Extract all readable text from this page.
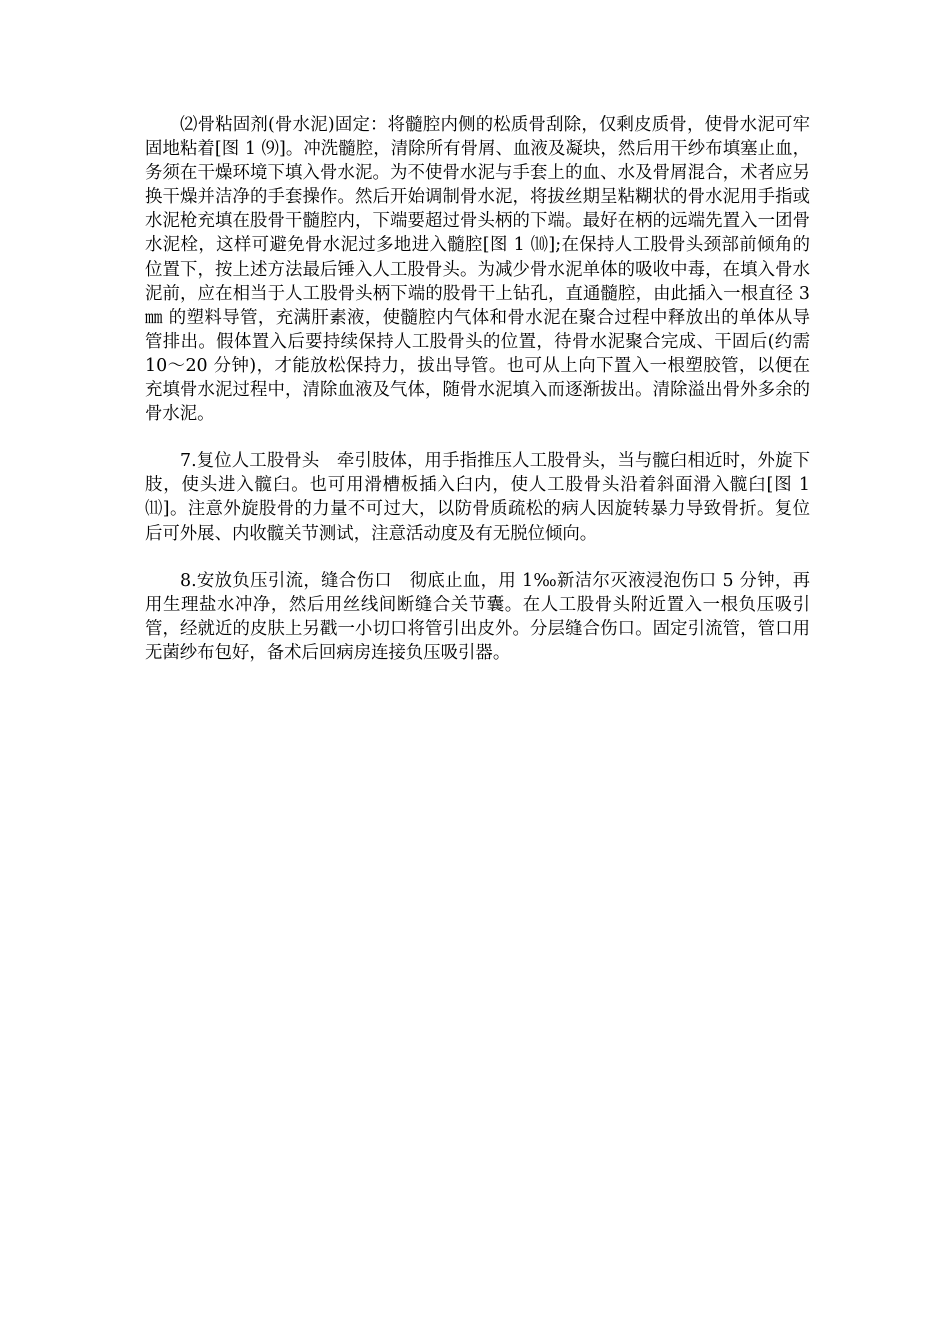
⑵骨粘固剂(骨水泥)固定：将髓腔内侧的松质骨刮除，仅剩皮质骨，使骨水泥可牢固地粘着[图 1 ⑼]。冲洗髓腔，清除所有骨屑、血液及凝块，然后用干纱布填塞止血，务须在干燥环境下填入骨水泥。为不使骨水泥与手套上的血、水及骨屑混合，术者应另换干燥并洁净的手套操作。然后开始调制骨水泥，将拔丝期呈粘糊状的骨水泥用手指或水泥枪充填在股骨干髓腔内，下端要超过骨头柄的下端。最好在柄的远端先置入一团骨水泥栓，这样可避免骨水泥过多地进入髓腔[图 1 ⑽];在保持人工股骨头颈部前倾角的位置下，按上述方法最后锤入人工股骨头。为减少骨水泥单体的吸收中毒，在填入骨水泥前，应在相当于人工股骨头柄下端的股骨干上钻孔，直通髓腔，由此插入一根直径 3㎜ 的塑料导管，充满肝素液，使髓腔内气体和骨水泥在聚合过程中释放出的单体从导管排出。假体置入后要持续保持人工股骨头的位置，待骨水泥聚合完成、干固后(约需 10～20 分钟)，才能放松保持力，拔出导管。也可从上向下置入一根塑胶管，以便在充填骨水泥过程中，清除血液及气体，随骨水泥填入而逐渐拔出。清除溢出骨外多余的骨水泥。

7.复位人工股骨头　牵引肢体，用手指推压人工股骨头，当与髋臼相近时，外旋下肢，使头进入髋臼。也可用滑槽板插入臼内，使人工股骨头沿着斜面滑入髋臼[图 1 ⑾]。注意外旋股骨的力量不可过大，以防骨质疏松的病人因旋转暴力导致骨折。复位后可外展、内收髋关节测试，注意活动度及有无脱位倾向。

8.安放负压引流，缝合伤口　彻底止血，用 1‰新洁尔灭液浸泡伤口 5 分钟，再用生理盐水冲净，然后用丝线间断缝合关节囊。在人工股骨头附近置入一根负压吸引管，经就近的皮肤上另戳一小切口将管引出皮外。分层缝合伤口。固定引流管，管口用无菌纱布包好，备术后回病房连接负压吸引器。
